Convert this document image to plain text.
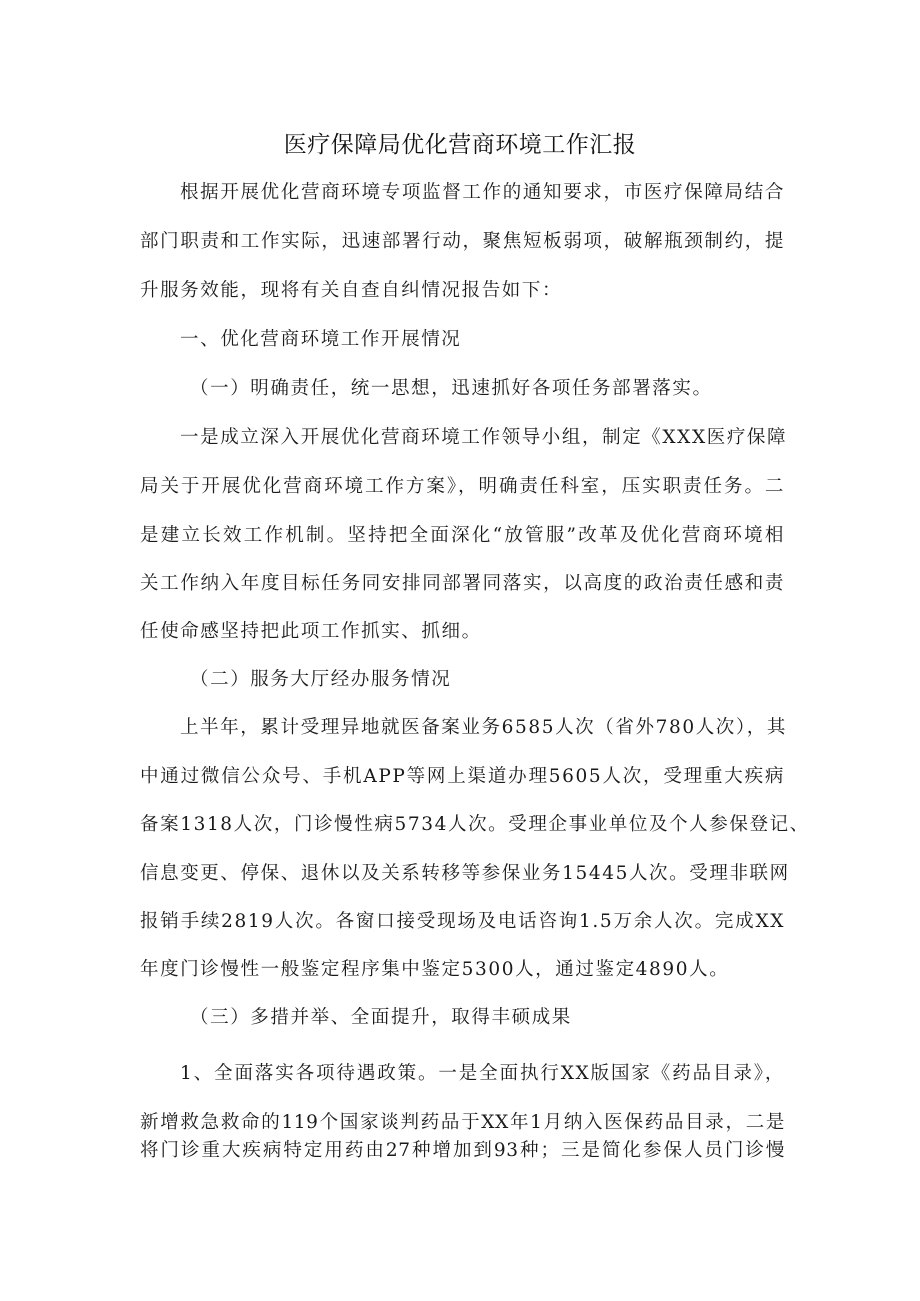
医疗保障局优化营商环境工作汇报
根据开展优化营商环境专项监督工作的通知要求，市医疗保障局结合
部门职责和工作实际，迅速部署行动，聚焦短板弱项，破解瓶颈制约，提
升服务效能，现将有关自查自纠情况报告如下：
一、优化营商环境工作开展情况
（一）明确责任，统一思想，迅速抓好各项任务部署落实。
一是成立深入开展优化营商环境工作领导小组，制定《XXX医疗保障
局关于开展优化营商环境工作方案》，明确责任科室，压实职责任务。二
是建立长效工作机制。坚持把全面深化“放管服”改革及优化营商环境相
关工作纳入年度目标任务同安排同部署同落实，以高度的政治责任感和责
任使命感坚持把此项工作抓实、抓细。
（二）服务大厅经办服务情况
上半年，累计受理异地就医备案业务6585人次（省外780人次），其
中通过微信公众号、手机APP等网上渠道办理5605人次，受理重大疾病
备案1318人次，门诊慢性病5734人次。受理企事业单位及个人参保登记、
信息变更、停保、退休以及关系转移等参保业务15445人次。受理非联网
报销手续2819人次。各窗口接受现场及电话咨询1.5万余人次。完成XX
年度门诊慢性一般鉴定程序集中鉴定5300人，通过鉴定4890人。
（三）多措并举、全面提升，取得丰硕成果
1、全面落实各项待遇政策。一是全面执行XX版国家《药品目录》，
新增救急救命的119个国家谈判药品于XX年1月纳入医保药品目录，二是
将门诊重大疾病特定用药由27种增加到93种；三是简化参保人员门诊慢
